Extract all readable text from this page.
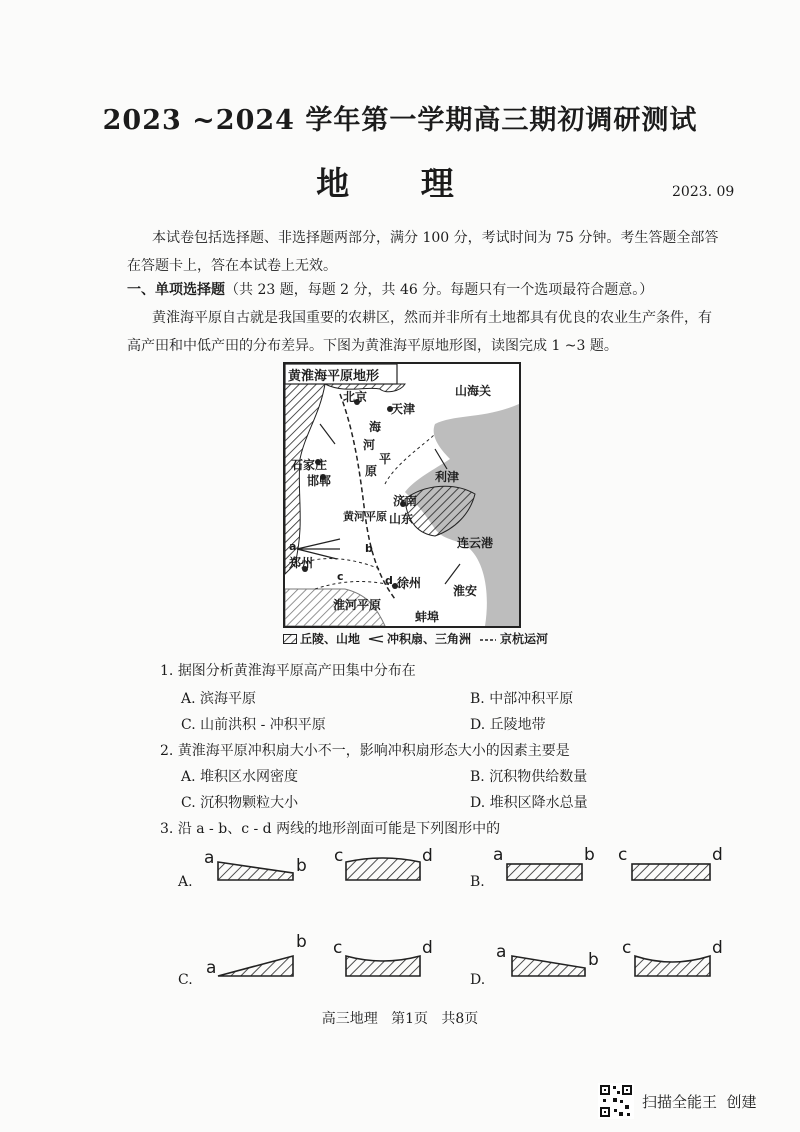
2023 ~2024 学年第一学期高三期初调研测试
地 理	2023. 09
本试卷包括选择题、非选择题两部分，满分 100 分，考试时间为 75 分钟。考生答题全部答
在答题卡上，答在本试卷上无效。
一、单项选择题（共 23 题，每题 2 分，共 46 分。每题只有一个选项最符合题意。）
黄淮海平原自古就是我国重要的农耕区，然而并非所有土地都具有优良的农业生产条件，有
高产田和中低产田的分布差异。下图为黄淮海平原地形图，读图完成 1 ~3 题。
黄淮海平原地形
山海关
北京
天津
海
河
平
原
石家庄
邯郸	利津
黄河平原
济南
山东
连云港
a	b
c	d
郑州
徐州
淮安
淮河平原
蚌埠
丘陵、山地 冲积扇、三角洲 京杭运河
1. 据图分析黄淮海平原高产田集中分布在
A. 滨海平原	B. 中部冲积平原
C. 山前洪积 - 冲积平原	D. 丘陵地带
2. 黄淮海平原冲积扇大小不一，影响冲积扇形态大小的因素主要是
A. 堆积区水网密度	B. 沉积物供给数量
C. 沉积物颗粒大小	D. 堆积区降水总量
3. 沿 a - b、c - d 两线的地形剖面可能是下列图形中的
A.	B.
C.	D.
a	b c	d	a	b c	d
a
b c	d	a	b
c	d
高三地理   第1页   共8页
扫描全能王  创建
